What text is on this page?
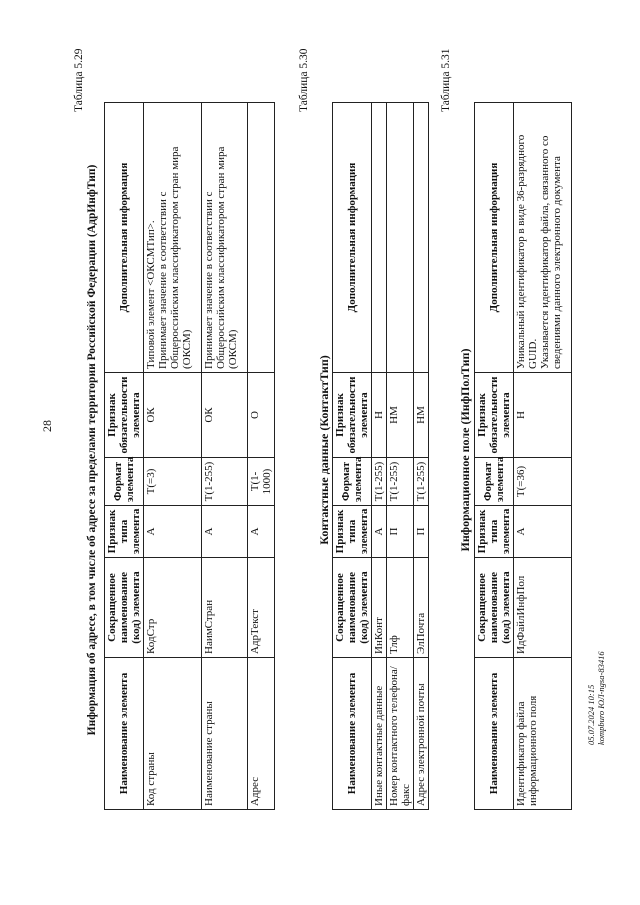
28
Таблица 5.29
Информация об адресе, в том числе об адресе за пределами территории Российской Федерации (АдрИнфТип) Наименование элемента	Сокращенное наименование (код) элемента	Признак типа элемента	Формат элемента	Признак обязательности элемента	Дополнительная информация
Код страны	КодСтр	А	T(=3)	ОК	Типовой элемент <ОКСМТип>.
Принимает значение в соответствии с Общероссийским классификатором стран мира (ОКСМ)
Наименование страны	НаимСтран	А	T(1-255)	ОК	Принимает значение в соответствии с Общероссийским классификатором стран мира (ОКСМ)
Адрес	АдрТекст	А	T(1-1000)	О	
Таблица 5.30
Контактные данные (КонтактТип)
Наименование элемента	Сокращенное наименование (код) элемента	Признак типа элемента	Формат элемента	Признак обязательности элемента	Дополнительная информация
Иные контактные данные	ИнКонт	А	T(1-255)	Н	
Номер контактного телефона/факс	Тлф	П	T(1-255)	НМ	
Адрес электронной почты	ЭлПочта	П	T(1-255)	НМ	
Таблица 5.31
Информационное поле (ИнфПолТип)
Наименование элемента	Сокращенное наименование (код) элемента	Признак типа элемента	Формат элемента	Признак обязательности элемента	Дополнительная информация
Идентификатор файла информационного поля	ИдФайлИнфПол	А	T(=36)	Н	Уникальный идентификатор в виде 36-разрядного GUID.
Указывается идентификатор файла, связанного со сведениями данного электронного документа
05.07.2024 10:15 kompburo ЮЛ-ngsa-83416
